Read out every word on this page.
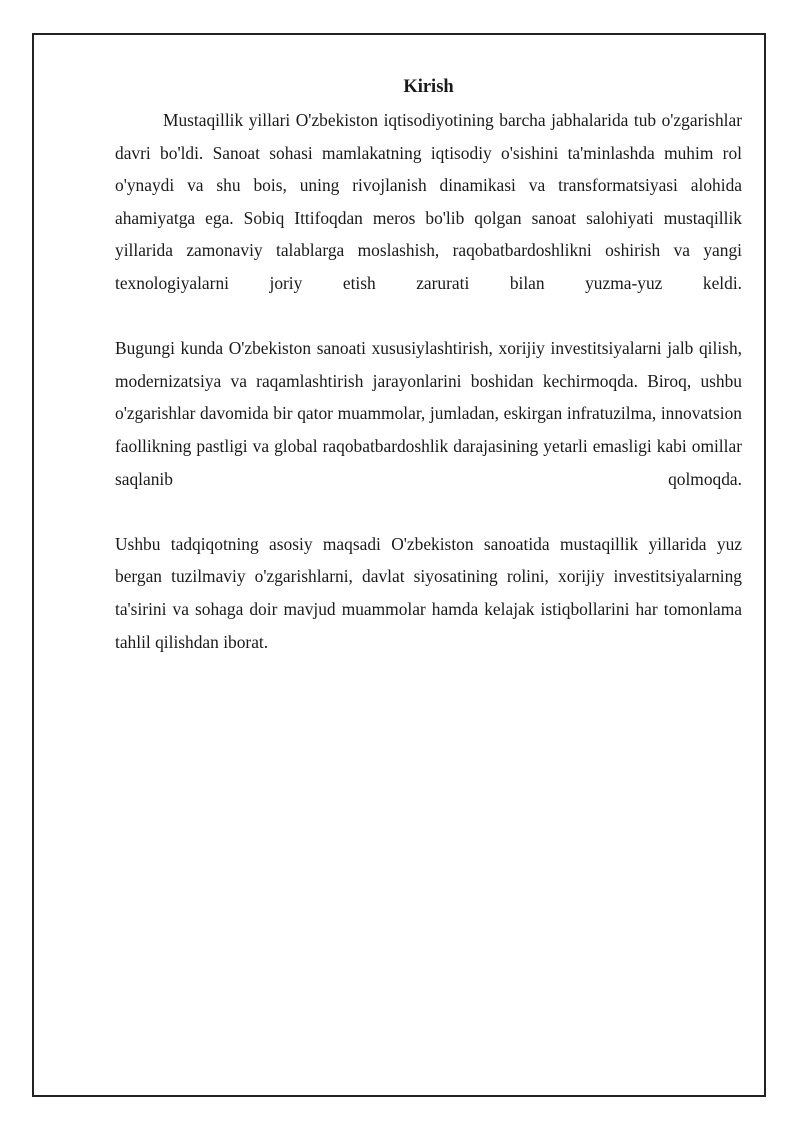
Kirish

Mustaqillik yillari O'zbekiston iqtisodiyotining barcha jabhalarida tub o'zgarishlar davri bo'ldi. Sanoat sohasi mamlakatning iqtisodiy o'sishini ta'minlashda muhim rol o'ynaydi va shu bois, uning rivojlanish dinamikasi va transformatsiyasi alohida ahamiyatga ega. Sobiq Ittifoqdan meros bo'lib qolgan sanoat salohiyati mustaqillik yillarida zamonaviy talablarga moslashish, raqobatbardoshlikni oshirish va yangi texnologiyalarni joriy etish zarurati bilan yuzma-yuz keldi.

Bugungi kunda O'zbekiston sanoati xususiylashtirish, xorijiy investitsiyalarni jalb qilish, modernizatsiya va raqamlashtirish jarayonlarini boshidan kechirmoqda. Biroq, ushbu o'zgarishlar davomida bir qator muammolar, jumladan, eskirgan infratuzilma, innovatsion faollikning pastligi va global raqobatbardoshlik darajasining yetarli emasligi kabi omillar saqlanib qolmoqda.

Ushbu tadqiqotning asosiy maqsadi O'zbekiston sanoatida mustaqillik yillarida yuz bergan tuzilmaviy o'zgarishlarni, davlat siyosatining rolini, xorijiy investitsiyalarning ta'sirini va sohaga doir mavjud muammolar hamda kelajak istiqbollarini har tomonlama tahlil qilishdan iborat.
